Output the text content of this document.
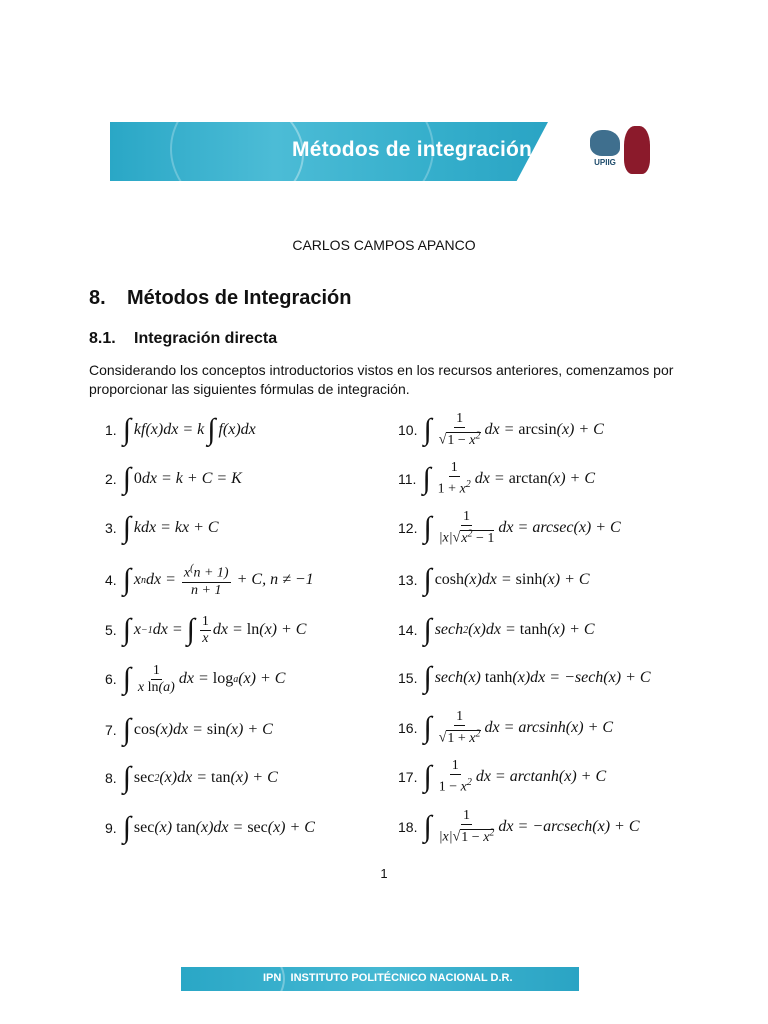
Métodos de integración
UPIIG
CARLOS CAMPOS APANCO
8. Métodos de Integración
8.1. Integración directa
Considerando los conceptos introductorios vistos en los recursos anteriores, comenzamos por proporcionar las siguientes fórmulas de integración.
1. ∫ kf(x)dx = k ∫ f(x)dx
2. ∫ 0 dx = k + C = K
3. ∫ kdx = kx + C
4. ∫ x n dx = $\frac{x^(n + 1)}{n + 1} + C$, n ≠ −1
5. ∫ x −1 dx = ∫ $\frac{1}{x}$ dx = ln (x) + C
6. ∫ $\frac{1}{\text{x ln(a)}}$ dx = log a (x) + C
7. ∫ cos (x)dx = sin (x) + C
8. ∫ sec 2 (x)dx = tan (x) + C
9. ∫ sec (x) tan (x)dx = sec (x) + C
10. ∫ $\frac{1}{√1 - x^2}$ dx = arcsin (x) + C
11. ∫ $\frac{1}{1 + x^2}$ dx = arctan (x) + C
12. ∫ $\frac{1}{|x|√x^2 - 1}$ dx = arcsec(x) + C
13. ∫ cosh (x)dx = sinh (x) + C
14. ∫ sech 2 (x)dx = tanh (x) + C
15. ∫ sech(x) tanh (x)dx = −sech(x) + C
16. ∫ $\frac{1}{√1 + x^2}$ dx = arcsinh(x) + C
17. ∫ $\frac{1}{1 - x^2}$ dx = arctanh(x) + C
18. ∫ $\frac{1}{|x|√1 - x^2}$ dx = −arcsech(x) + C
1
IPN INSTITUTO POLITÉCNICO NACIONAL D.R.
